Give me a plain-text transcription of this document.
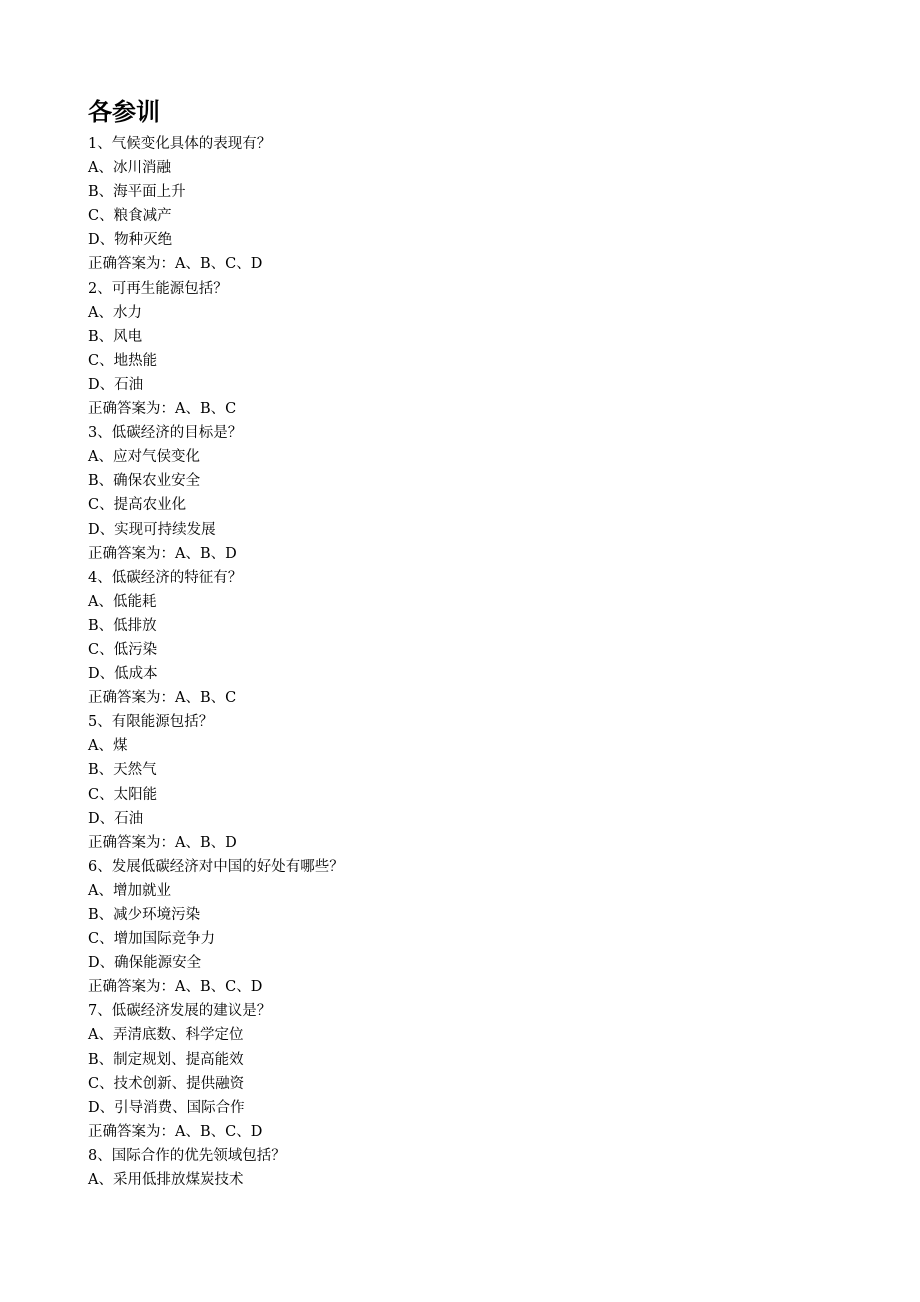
各参训
1、气候变化具体的表现有？
A、冰川消融
B、海平面上升
C、粮食减产
D、物种灭绝
正确答案为：A、B、C、D
2、可再生能源包括？
A、水力
B、风电
C、地热能
D、石油
正确答案为：A、B、C
3、低碳经济的目标是？
A、应对气侯变化
B、确保农业安全
C、提高农业化
D、实现可持续发展
正确答案为：A、B、D
4、低碳经济的特征有？
A、低能耗
B、低排放
C、低污染
D、低成本
正确答案为：A、B、C
5、有限能源包括？
A、煤
B、天然气
C、太阳能
D、石油
正确答案为：A、B、D
6、发展低碳经济对中国的好处有哪些？
A、增加就业
B、减少环境污染
C、增加国际竞争力
D、确保能源安全
正确答案为：A、B、C、D
7、低碳经济发展的建议是？
A、弄清底数、科学定位
B、制定规划、提高能效
C、技术创新、提供融资
D、引导消费、国际合作
正确答案为：A、B、C、D
8、国际合作的优先领域包括？
A、采用低排放煤炭技术
